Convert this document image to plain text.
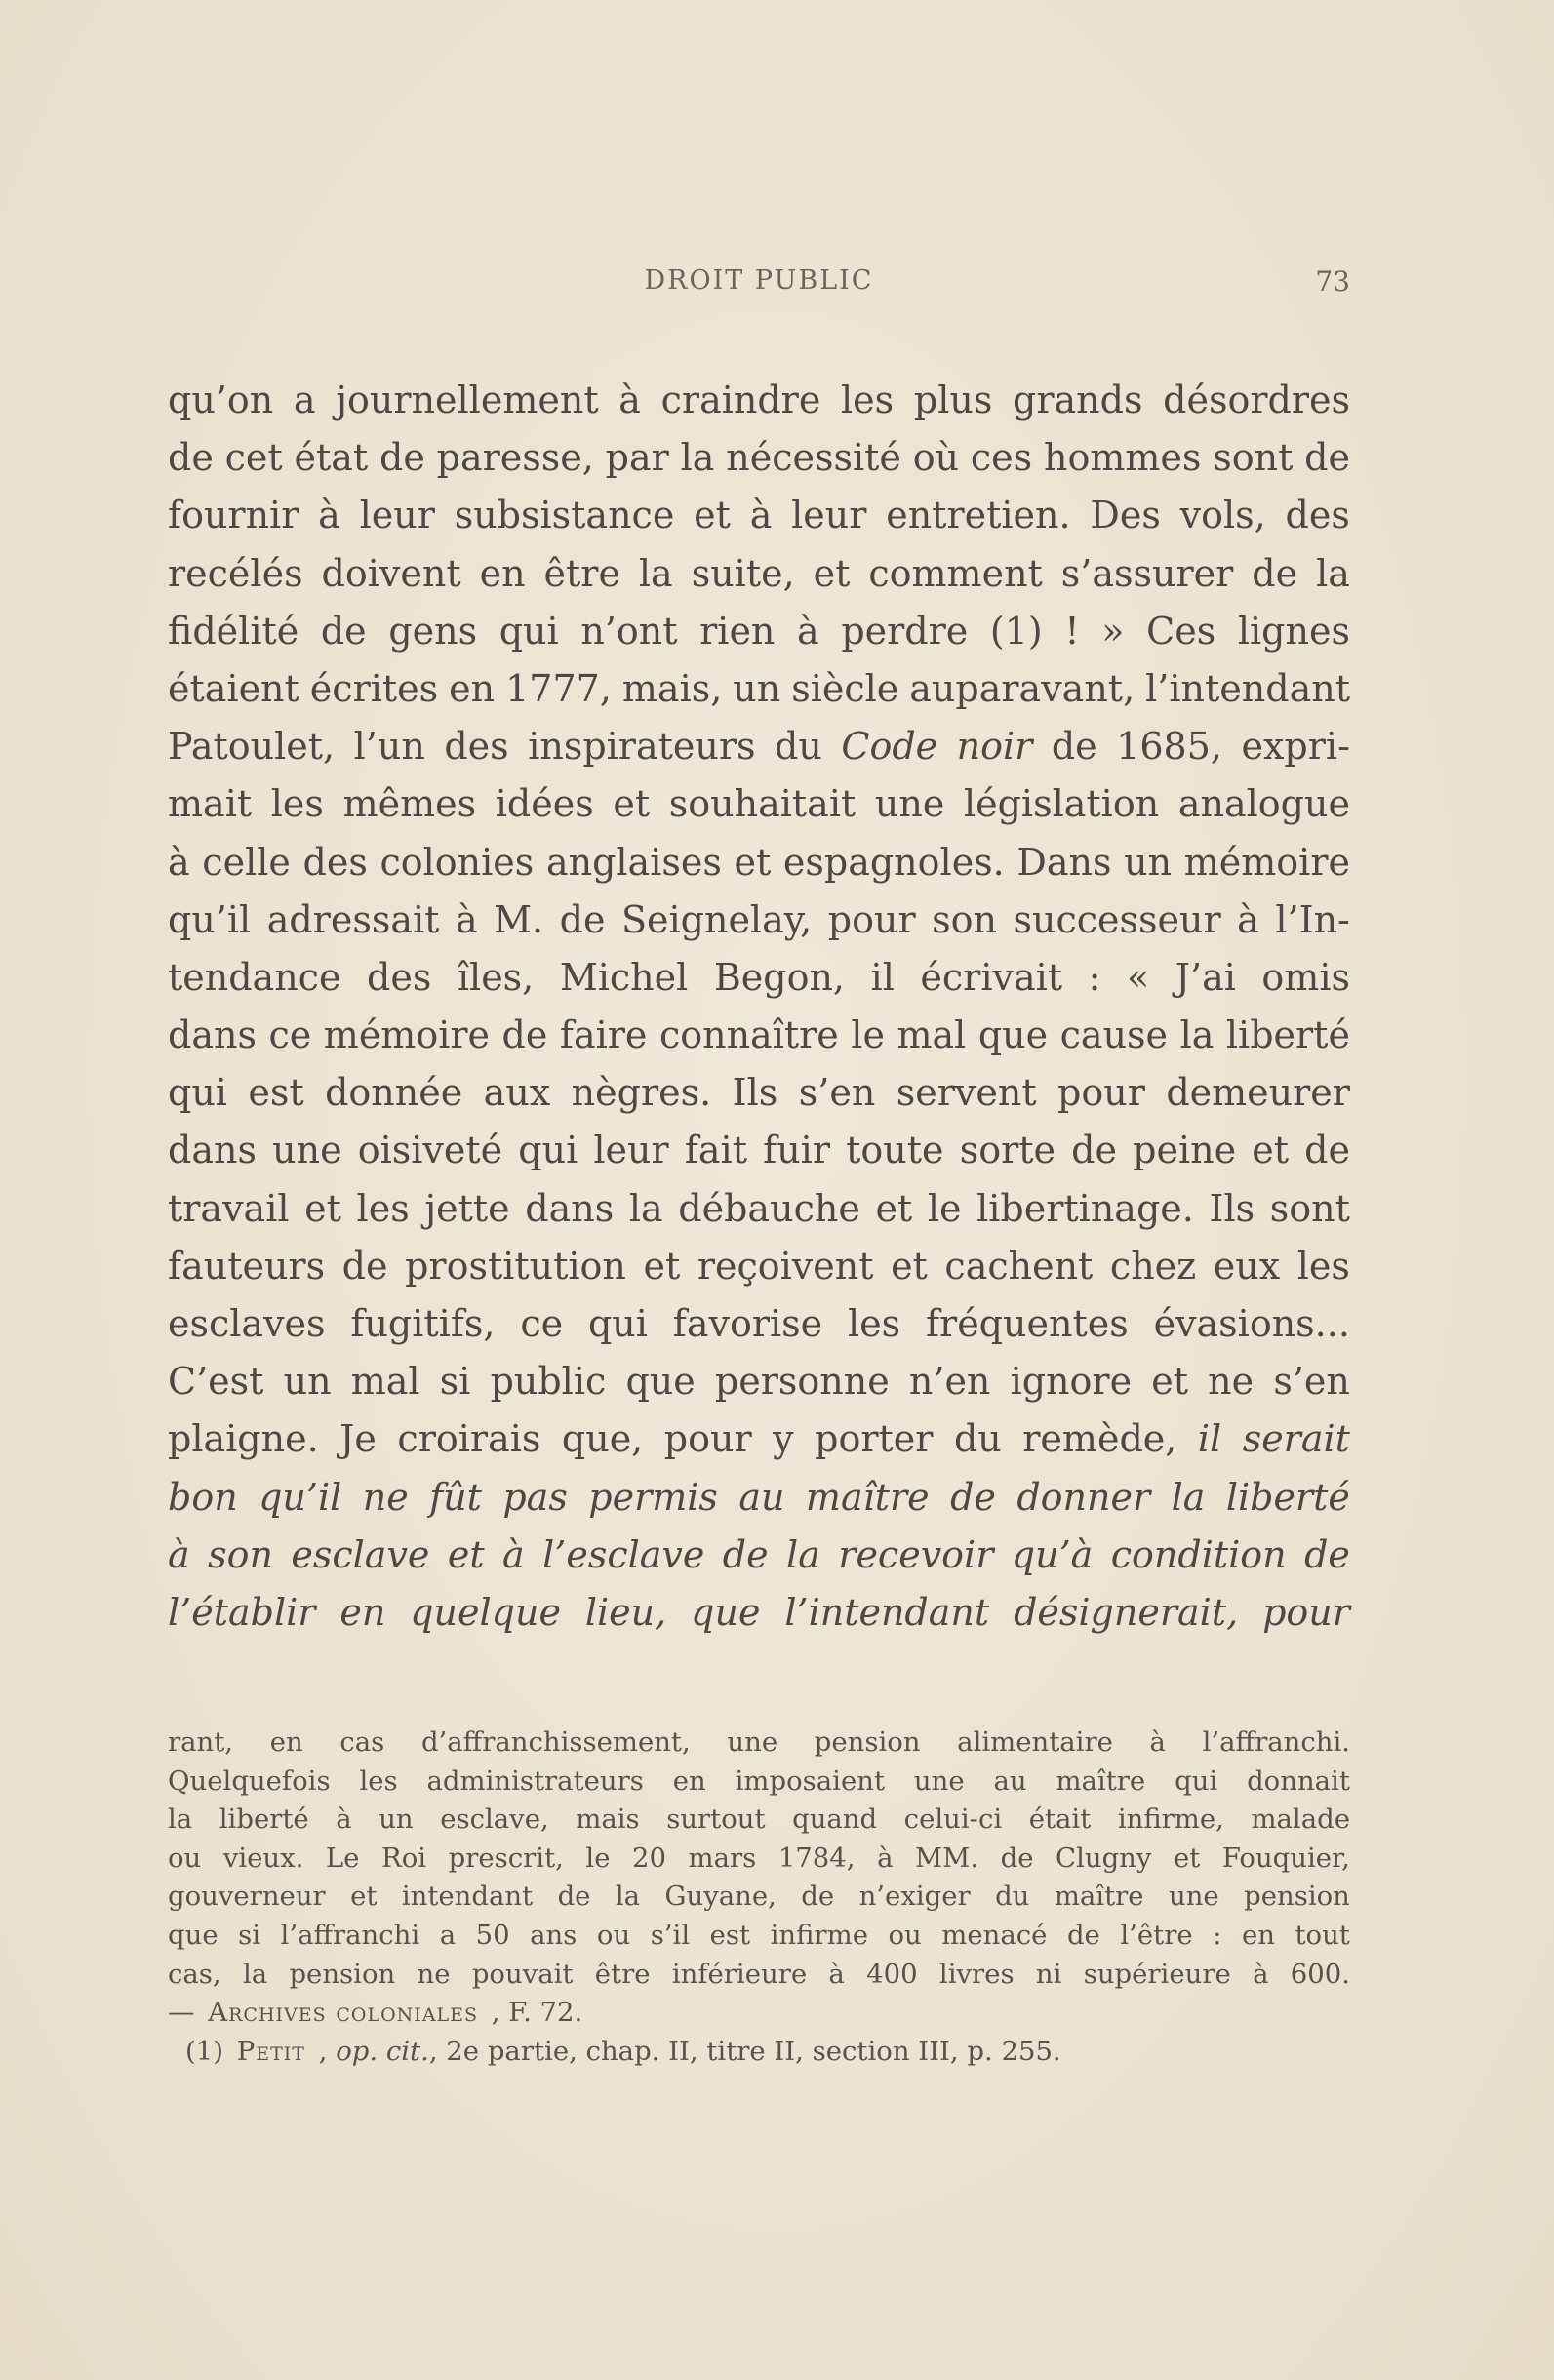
DROIT PUBLIC	73
qu’on a journellement à craindre les plus grands désordres
de cet état de paresse, par la nécessité où ces hommes sont de
fournir à leur subsistance et à leur entretien. Des vols, des
recélés doivent en être la suite, et comment s’assurer de la
fidélité de gens qui n’ont rien à perdre (1) ! » Ces lignes
étaient écrites en 1777, mais, un siècle auparavant, l’intendant
Patoulet, l’un des inspirateurs du Code noir de 1685, expri-
mait les mêmes idées et souhaitait une législation analogue
à celle des colonies anglaises et espagnoles. Dans un mémoire
qu’il adressait à M. de Seignelay, pour son successeur à l’In-
tendance des îles, Michel Begon, il écrivait : « J’ai omis
dans ce mémoire de faire connaître le mal que cause la liberté
qui est donnée aux nègres. Ils s’en servent pour demeurer
dans une oisiveté qui leur fait fuir toute sorte de peine et de
travail et les jette dans la débauche et le libertinage. Ils sont
fauteurs de prostitution et reçoivent et cachent chez eux les
esclaves fugitifs, ce qui favorise les fréquentes évasions...
C’est un mal si public que personne n’en ignore et ne s’en
plaigne. Je croirais que, pour y porter du remède, il serait
bon qu’il ne fût pas permis au maître de donner la liberté
à son esclave et à l’esclave de la recevoir qu’à condition de
l’établir en quelque lieu, que l’intendant désignerait, pour
rant, en cas d’affranchissement, une pension alimentaire à l’affranchi.
Quelquefois les administrateurs en imposaient une au maître qui donnait
la liberté à un esclave, mais surtout quand celui-ci était infirme, malade
ou vieux. Le Roi prescrit, le 20 mars 1784, à MM. de Clugny et Fouquier,
gouverneur et intendant de la Guyane, de n’exiger du maître une pension
que si l’affranchi a 50 ans ou s’il est infirme ou menacé de l’être : en tout
cas, la pension ne pouvait être inférieure à 400 livres ni supérieure à 600.
— Archives coloniales , F. 72.
(1) Petit , op. cit., 2e partie, chap. II, titre II, section III, p. 255.
